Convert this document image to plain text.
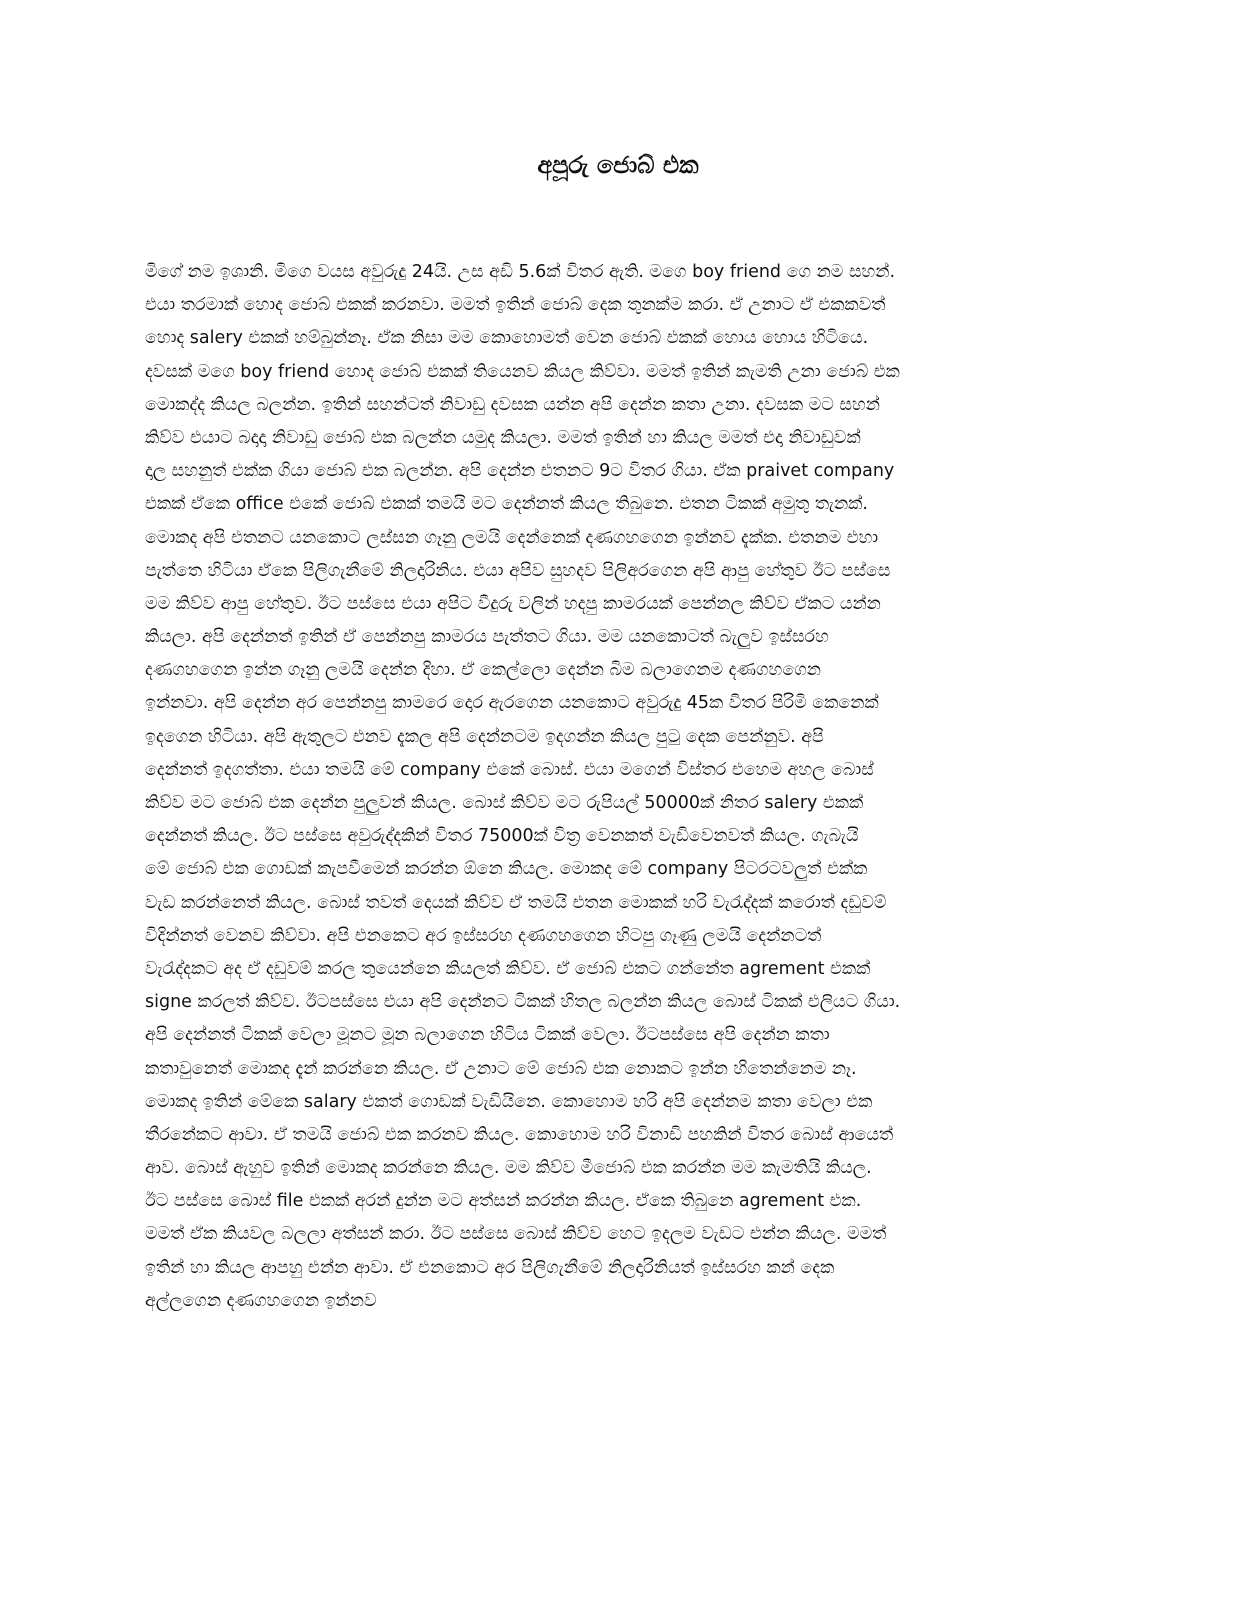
අපූරු ජොබ් එක
මිගේ නම ඉශානි. මිගෙ වයස අවුරුදු 24යි. උස අඩි 5.6ක් විතර ඇති. මගෙ boy friend ගෙ නම සහන්.
එයා තරමාක් හොද ජොබ් එකක් කරනවා. මමත් ඉතින් ජොබ් දෙක තුනක්ම කරා. ඒ උනාට ඒ එකකවත්
හොද salery එකක් හම්බුන්නෑ. ඒක නිසා මම කොහොමත් වෙන ජොබ් එකක් හොය හොය හිටියෙ.
දවසක් මගෙ boy friend හොද ජොබ් එකක් තියෙනව කියල කිව්වා. මමත් ඉතින් කැමති උනා ජොබ් එක
මොකද්ද කියල බලන්න. ඉතින් සහන්ටත් නිවාඩු දවසක යන්න අපි දෙන්න කතා උනා. දවසක මට සහන්
කිව්ව එයාට බදාදා නිවාඩු ජොබ් එක බලන්න යමුද කියලා. මමත් ඉතින් හා කියල මමත් එදා නිවාඩුවක්
දාල සහනුත් එක්ක ගියා ජොබ් එක බලන්න. අපි දෙන්න එතනට 9ට විතර ගියා. ඒක praivet company
එකක් ඒකෙ office එකේ ජොබ් එකක් තමයි මට දෙන්නත් කියල තිබුනෙ. එතන ටිකක් අමුතු තැනක්.
මොකද අපි එතනට යනකොට ලස්සන ගෑනු ලමයි දෙන්නෙක් දණගහගෙන ඉන්නව දැක්ක. එතනම එහා
පැත්තෙ හිටියා ඒකෙ පිලිගැනීමේ නිලදාරිනිය. එයා අපිව සුහදව පිලිඅරගෙන අපි ආපු හේතුව ඊට පස්සෙ
මම කිව්ව ආපු හේතුව. ඊට පස්සෙ එයා අපිට වීදුරු වලින් හදපු කාමරයක් පෙන්නල කිව්ව ඒකට යන්න
කියලා. අපි දෙන්නත් ඉතින් ඒ පෙන්නපු කාමරය පැත්තට ගියා. මම යනකොටත් බැලුව ඉස්සරහ
දණගහගෙන ඉන්න ගෑනු ලමයි දෙන්න දිහා. ඒ කෙල්ලො දෙන්න බිම බලාගෙනම දණගහගෙන
ඉන්නවා. අපි දෙන්න අර පෙන්නපු කාමරෙ දොර ඇරගෙන යනකොට අවුරුදු 45ක විතර පිරිමි කෙනෙක්
ඉදගෙන හිටියා. අපි ඇතුලට එනව දැකල අපි දෙන්නටම ඉදගන්න කියල පුටු දෙක පෙන්නුව. අපි
දෙන්නත් ඉදගත්තා. එයා තමයි මේ company එකේ බොස්. එයා මගෙන් විස්තර එහෙම අහල බොස්
කිව්ව මට ජොබ් එක දෙන්න පුලුවන් කියල. බොස් කිව්ව මට රුපියල් 50000ක් නිතර salery එකක්
දෙන්නත් කියල. ඊට පස්සෙ අවුරුද්දකින් විතර 75000ක් විත්‍ර වෙනකත් වැඩිවෙනවත් කියල. ගැබැයි
මේ ජොබ් එක ගොඩක් කැපවීමෙන් කරන්න ඕනෙ කියල. මොකද මේ company පිටරටවලුත් එක්ක
වැඩ කරන්නෙත් කියල. බොස් තවත් දෙයක් කිව්ව ඒ තමයි එතන මොකක් හරි වැරැද්දක් කරොත් දඩුවම්
විදින්නත් වෙනව කිව්වා. අපි එනකෙට අර ඉස්සරහ දණගහගෙන හිටපු ගෑණු ලමයි දෙන්නටත්
වැරැද්දකට අද ඒ දඩුවම් කරල තුයෙන්නෙ කියලත් කිව්ව. ඒ ජොබ් එකට ගන්නේත agrement එකක්
signe කරලත් කිව්ව. ඊටපස්සෙ එයා අපි දෙන්නට ටිකක් හිතල බලන්න කියල බොස් ටිකක් එලියට ගියා.
අපි දෙන්නත් ටිකක් වෙලා මූනට මූන බලාගෙන හිටිය ටිකක් වෙලා. ඊටපස්සෙ අපි දෙන්න කතා
කතාවුනෙත් මොකද දැන් කරන්නෙ කියල. ඒ උනාට මේ ජොබ් එක නොකට ඉන්න හිතෙන්නෙම නෑ.
මොකද ඉතින් මේකෙ salary එකත් ගොඩක් වැඩියිනෙ. කොහොම හරි අපි දෙන්නම කතා වෙලා එක
තීරනේකට ආවා. ඒ තමයි ජොබ් එක කරනව කියල. කොහොම හරි විනාඩි පහකින් විතර බොස් ආයෙත්
ආව. බොස් ඇහුව ඉතින් මොකද කරන්නෙ කියල. මම කිව්ව මීජොබ් එක කරන්න මම කැමතියි කියල.
ඊට පස්සෙ බොස් file එකක් අරන් දුන්න මට අත්සන් කරන්න කියල. ඒකෙ තිබුනෙ agrement එක.
මමත් ඒක කියවල බලලා අත්සන් කරා. ඊට පස්සෙ බොස් කිව්ව හෙට ඉදලම වැඩට එන්න කියල. මමත්
ඉතින් හා කියල ආපහු එන්න ආවා. ඒ එනකොට අර පිලිගැනීමේ නිලදාරිනියත් ඉස්සරහ කන් දෙක
අල්ලගෙන දණගහගෙන ඉන්නව
